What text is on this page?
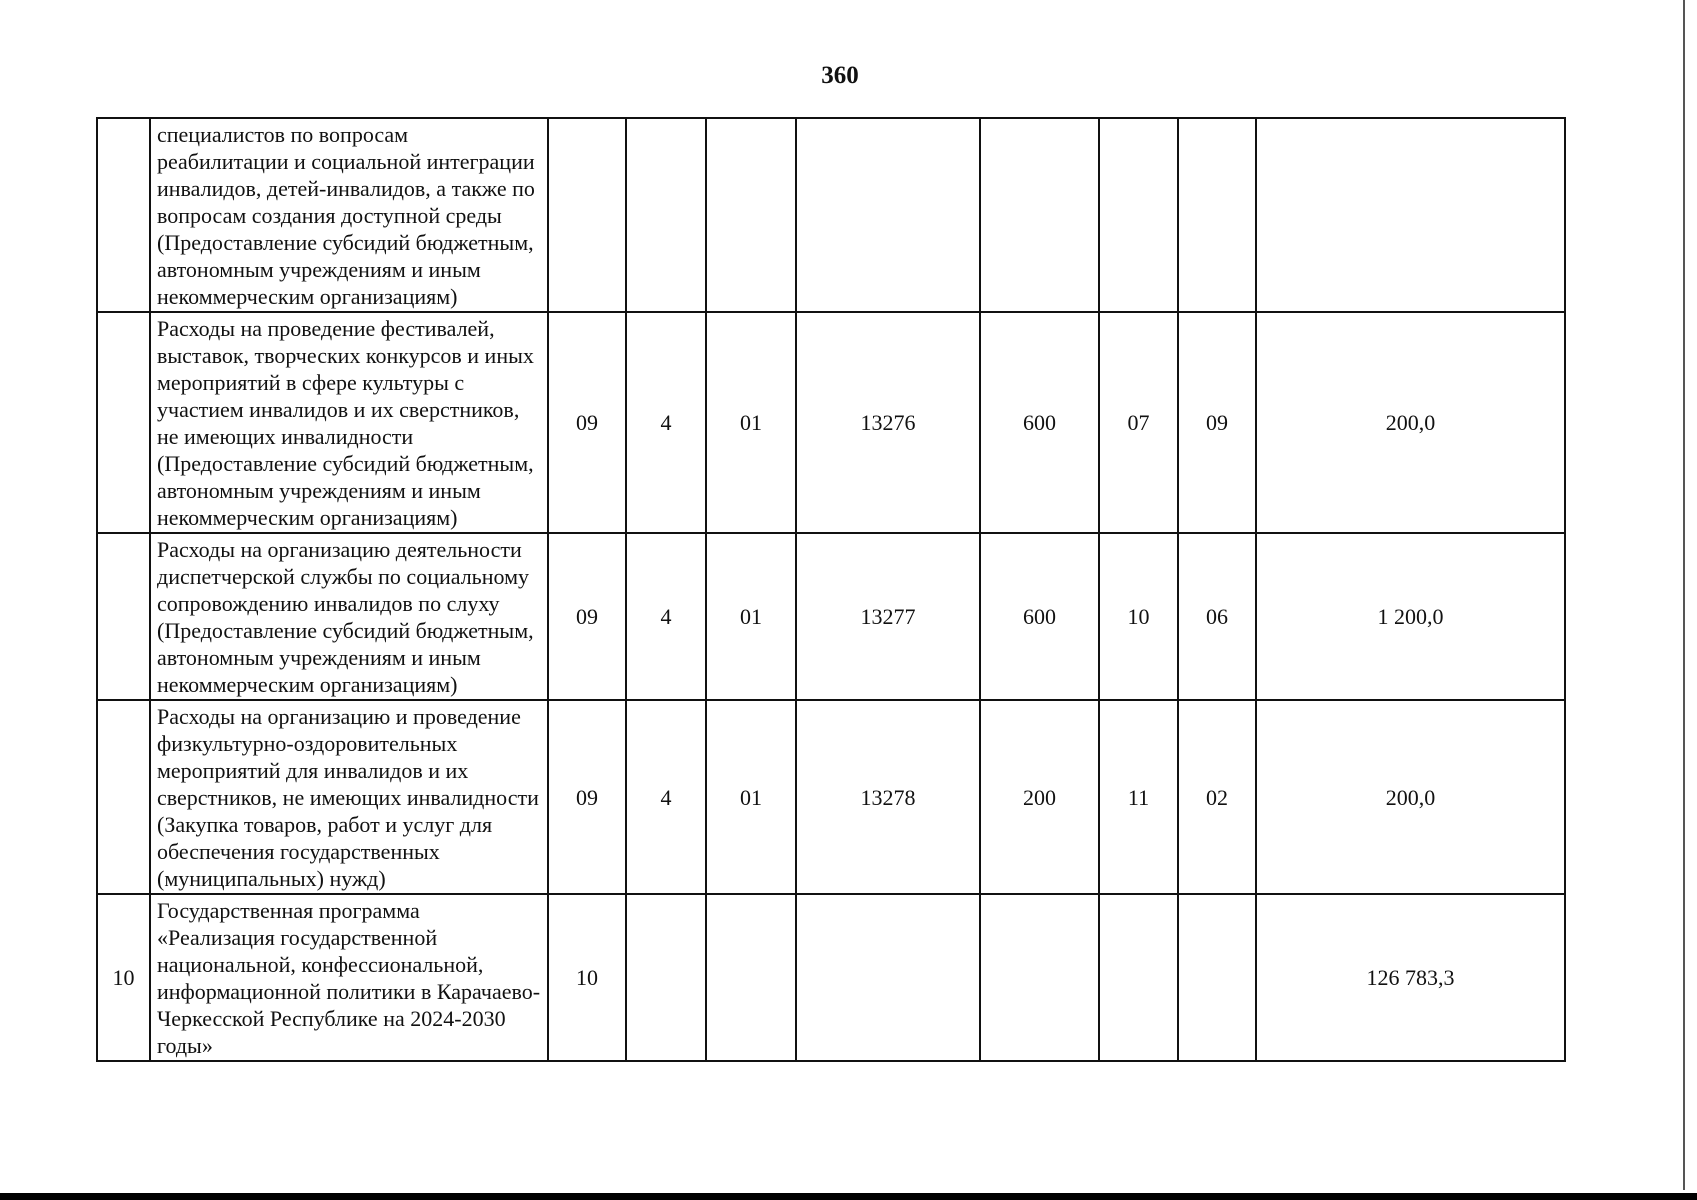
360
	специалистов по вопросам реабилитации и социальной интеграции инвалидов, детей-инвалидов, а также по вопросам создания доступной среды (Предоставление субсидий бюджетным, автономным учреждениям и иным некоммерческим организациям)								
	Расходы на проведение фестивалей, выставок, творческих конкурсов и иных мероприятий в сфере культуры с участием инвалидов и их сверстников, не имеющих инвалидности (Предоставление субсидий бюджетным, автономным учреждениям и иным некоммерческим организациям)	09	4	01	13276	600	07	09	200,0
	Расходы на организацию деятельности диспетчерской службы по социальному сопровождению инвалидов по слуху (Предоставление субсидий бюджетным, автономным учреждениям и иным некоммерческим организациям)	09	4	01	13277	600	10	06	1 200,0
	Расходы на организацию и проведение физкультурно-оздоровительных мероприятий для инвалидов и их сверстников, не имеющих инвалидности (Закупка товаров, работ и услуг для обеспечения государственных (муниципальных) нужд)	09	4	01	13278	200	11	02	200,0
10	Государственная программа «Реализация государственной национальной, конфессиональной, информационной политики в Карачаево-Черкесской Республике на 2024-2030 годы»	10							126 783,3
